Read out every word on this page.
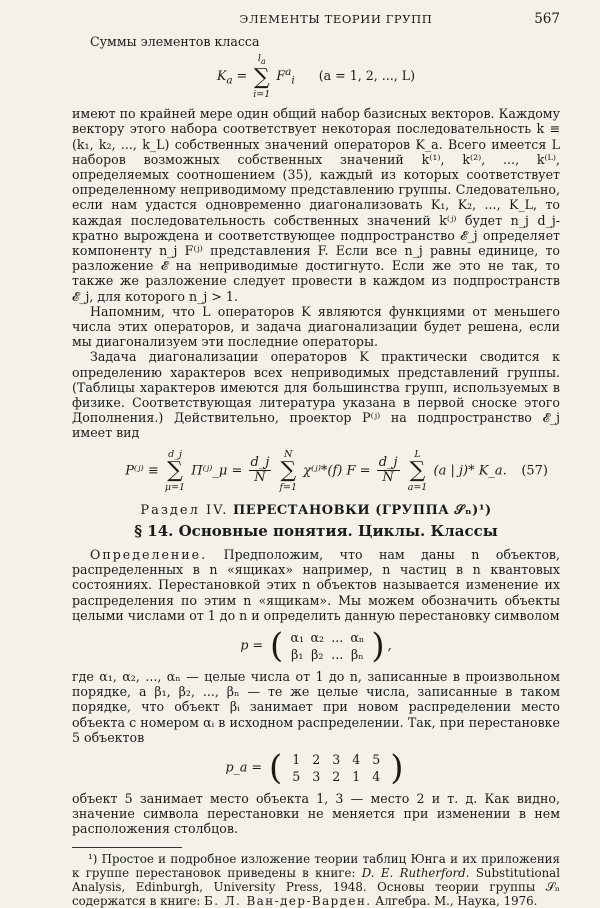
ЭЛЕМЕНТЫ ТЕОРИИ ГРУПП	567

Суммы элементов класса

$K_a$ =
$l_a$
∑
i=1
$F^a_i$ (a = 1, 2, ..., L)

имеют по крайней мере один общий набор базисных векторов. Каждому вектору этого набора соответствует некоторая последовательность k ≡ (k₁, k₂, ..., k_L) собственных значений операторов K_a. Всего имеется L наборов возможных собственных значений k⁽¹⁾, k⁽²⁾, ..., k⁽ᴸ⁾, определяемых соотношением (35), каждый из которых соответствует определенному неприводимому представлению группы. Следовательно, если нам удастся одновременно диагонализовать K₁, K₂, ..., K_L, то каждая последовательность собственных значений k⁽ʲ⁾ будет n_j d_j-кратно вырождена и соответствующее подпространство 𝓔_j определяет компоненту n_j F⁽ʲ⁾ представления F. Если все n_j равны единице, то разложение 𝓔 на неприводимые достигнуто. Если же это не так, то также же разложение следует провести в каждом из подпространств 𝓔_j, для которого n_j > 1.

Напомним, что L операторов K являются функциями от меньшего числа этих операторов, и задача диагонализации будет решена, если мы диагонализуем эти последние операторы.

Задача диагонализации операторов K практически сводится к определению характеров всех неприводимых представлений группы. (Таблицы характеров имеются для большинства групп, используемых в физике. Соответствующая литература указана в первой сноске этого Дополнения.) Действительно, проектор P⁽ʲ⁾ на подпространство 𝓔_j имеет вид

P⁽ʲ⁾ ≡
d_j
∑
μ=1
Π⁽ʲ⁾_μ = $\frac{d\_j}{N}$

N
∑
f=1
χ⁽ʲ⁾*(f) $F = \frac{d\_j}{N}$

L
∑
a=1
(a | j)* K_a. (57)
Раздел IV. ПЕРЕСТАНОВКИ (ГРУППА 𝒮ₙ)¹)
§ 14. Основные понятия. Циклы. Классы

Определение. Предположим, что нам даны n объектов, распределенных в n «ящиках» например, n частиц в n квантовых состояниях. Перестановкой этих n объектов называется изменение их распределения по этим n «ящикам». Мы можем обозначить объекты целыми числами от 1 до n и определить данную перестановку символом

p = ( α₁ α₂ ... αₙ
β₁ β₂ ... βₙ ) ,

где α₁, α₂, ..., αₙ — целые числа от 1 до n, записанные в произвольном порядке, а β₁, β₂, ..., βₙ — те же целые числа, записанные в таком порядке, что объект βᵢ занимает при новом распределении место объекта с номером αᵢ в исходном распределении. Так, при перестановке 5 объектов

p_a = ( 1 2 3 4 5
5 3 2 1 4 )

объект 5 занимает место объекта 1, 3 — место 2 и т. д. Как видно, значение символа перестановки не меняется при изменении в нем расположения столбцов.

¹) Простое и подробное изложение теории таблиц Юнга и их приложения к группе перестановок приведены в книге: D. E. Rutherford. Substitutional Analysis, Edinburgh, University Press, 1948. Основы теории группы 𝒮ₙ содержатся в книге: Б. Л. Ван-дер-Варден. Алгебра. М., Наука, 1976.
